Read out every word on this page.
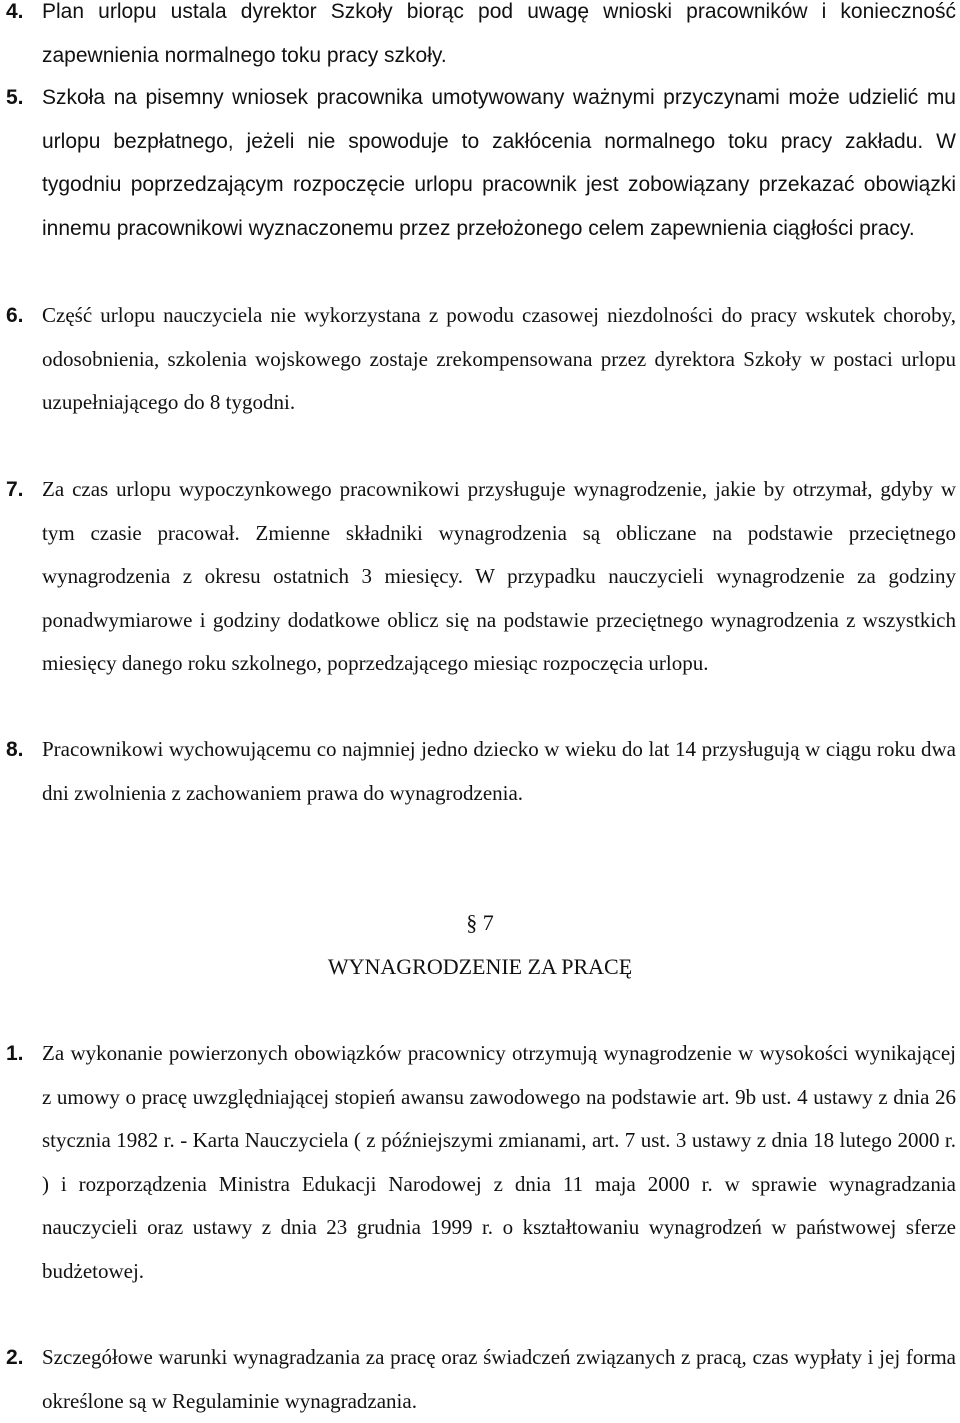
4. Plan urlopu ustala dyrektor Szkoły biorąc pod uwagę wnioski pracowników i konieczność zapewnienia normalnego toku pracy szkoły.
5. Szkoła na pisemny wniosek pracownika umotywowany ważnymi przyczynami może udzielić mu urlopu bezpłatnego, jeżeli nie spowoduje to zakłócenia normalnego toku pracy zakładu. W tygodniu poprzedzającym rozpoczęcie urlopu pracownik jest zobowiązany przekazać obowiązki innemu pracownikowi wyznaczonemu przez przełożonego celem zapewnienia ciągłości pracy.
6. Część urlopu nauczyciela nie wykorzystana z powodu czasowej niezdolności do pracy wskutek choroby, odosobnienia, szkolenia wojskowego zostaje zrekompensowana przez dyrektora Szkoły w postaci urlopu uzupełniającego do 8 tygodni.
7. Za czas urlopu wypoczynkowego pracownikowi przysługuje wynagrodzenie, jakie by otrzymał, gdyby w tym czasie pracował. Zmienne składniki wynagrodzenia są obliczane na podstawie przeciętnego wynagrodzenia z okresu ostatnich 3 miesięcy. W przypadku nauczycieli wynagrodzenie za godziny ponadwymiarowe i godziny dodatkowe oblicz się na podstawie przeciętnego wynagrodzenia z wszystkich miesięcy danego roku szkolnego, poprzedzającego miesiąc rozpoczęcia urlopu.
8. Pracownikowi wychowującemu co najmniej jedno dziecko w wieku do lat 14 przysługują w ciągu roku dwa dni zwolnienia z zachowaniem prawa do wynagrodzenia.
§ 7
WYNAGRODZENIE ZA PRACĘ
1. Za wykonanie powierzonych obowiązków pracownicy otrzymują wynagrodzenie w wysokości wynikającej z umowy o pracę uwzględniającej stopień awansu zawodowego na podstawie art. 9b ust. 4 ustawy z dnia 26 stycznia 1982 r. - Karta Nauczyciela ( z późniejszymi zmianami, art. 7 ust. 3 ustawy z dnia 18 lutego 2000 r. ) i rozporządzenia Ministra Edukacji Narodowej z dnia 11 maja 2000 r. w sprawie wynagradzania nauczycieli oraz ustawy z dnia 23 grudnia 1999 r. o kształtowaniu wynagrodzeń w państwowej sferze budżetowej.
2. Szczegółowe warunki wynagradzania za pracę oraz świadczeń związanych z pracą, czas wypłaty i jej forma określone są w Regulaminie wynagradzania.
